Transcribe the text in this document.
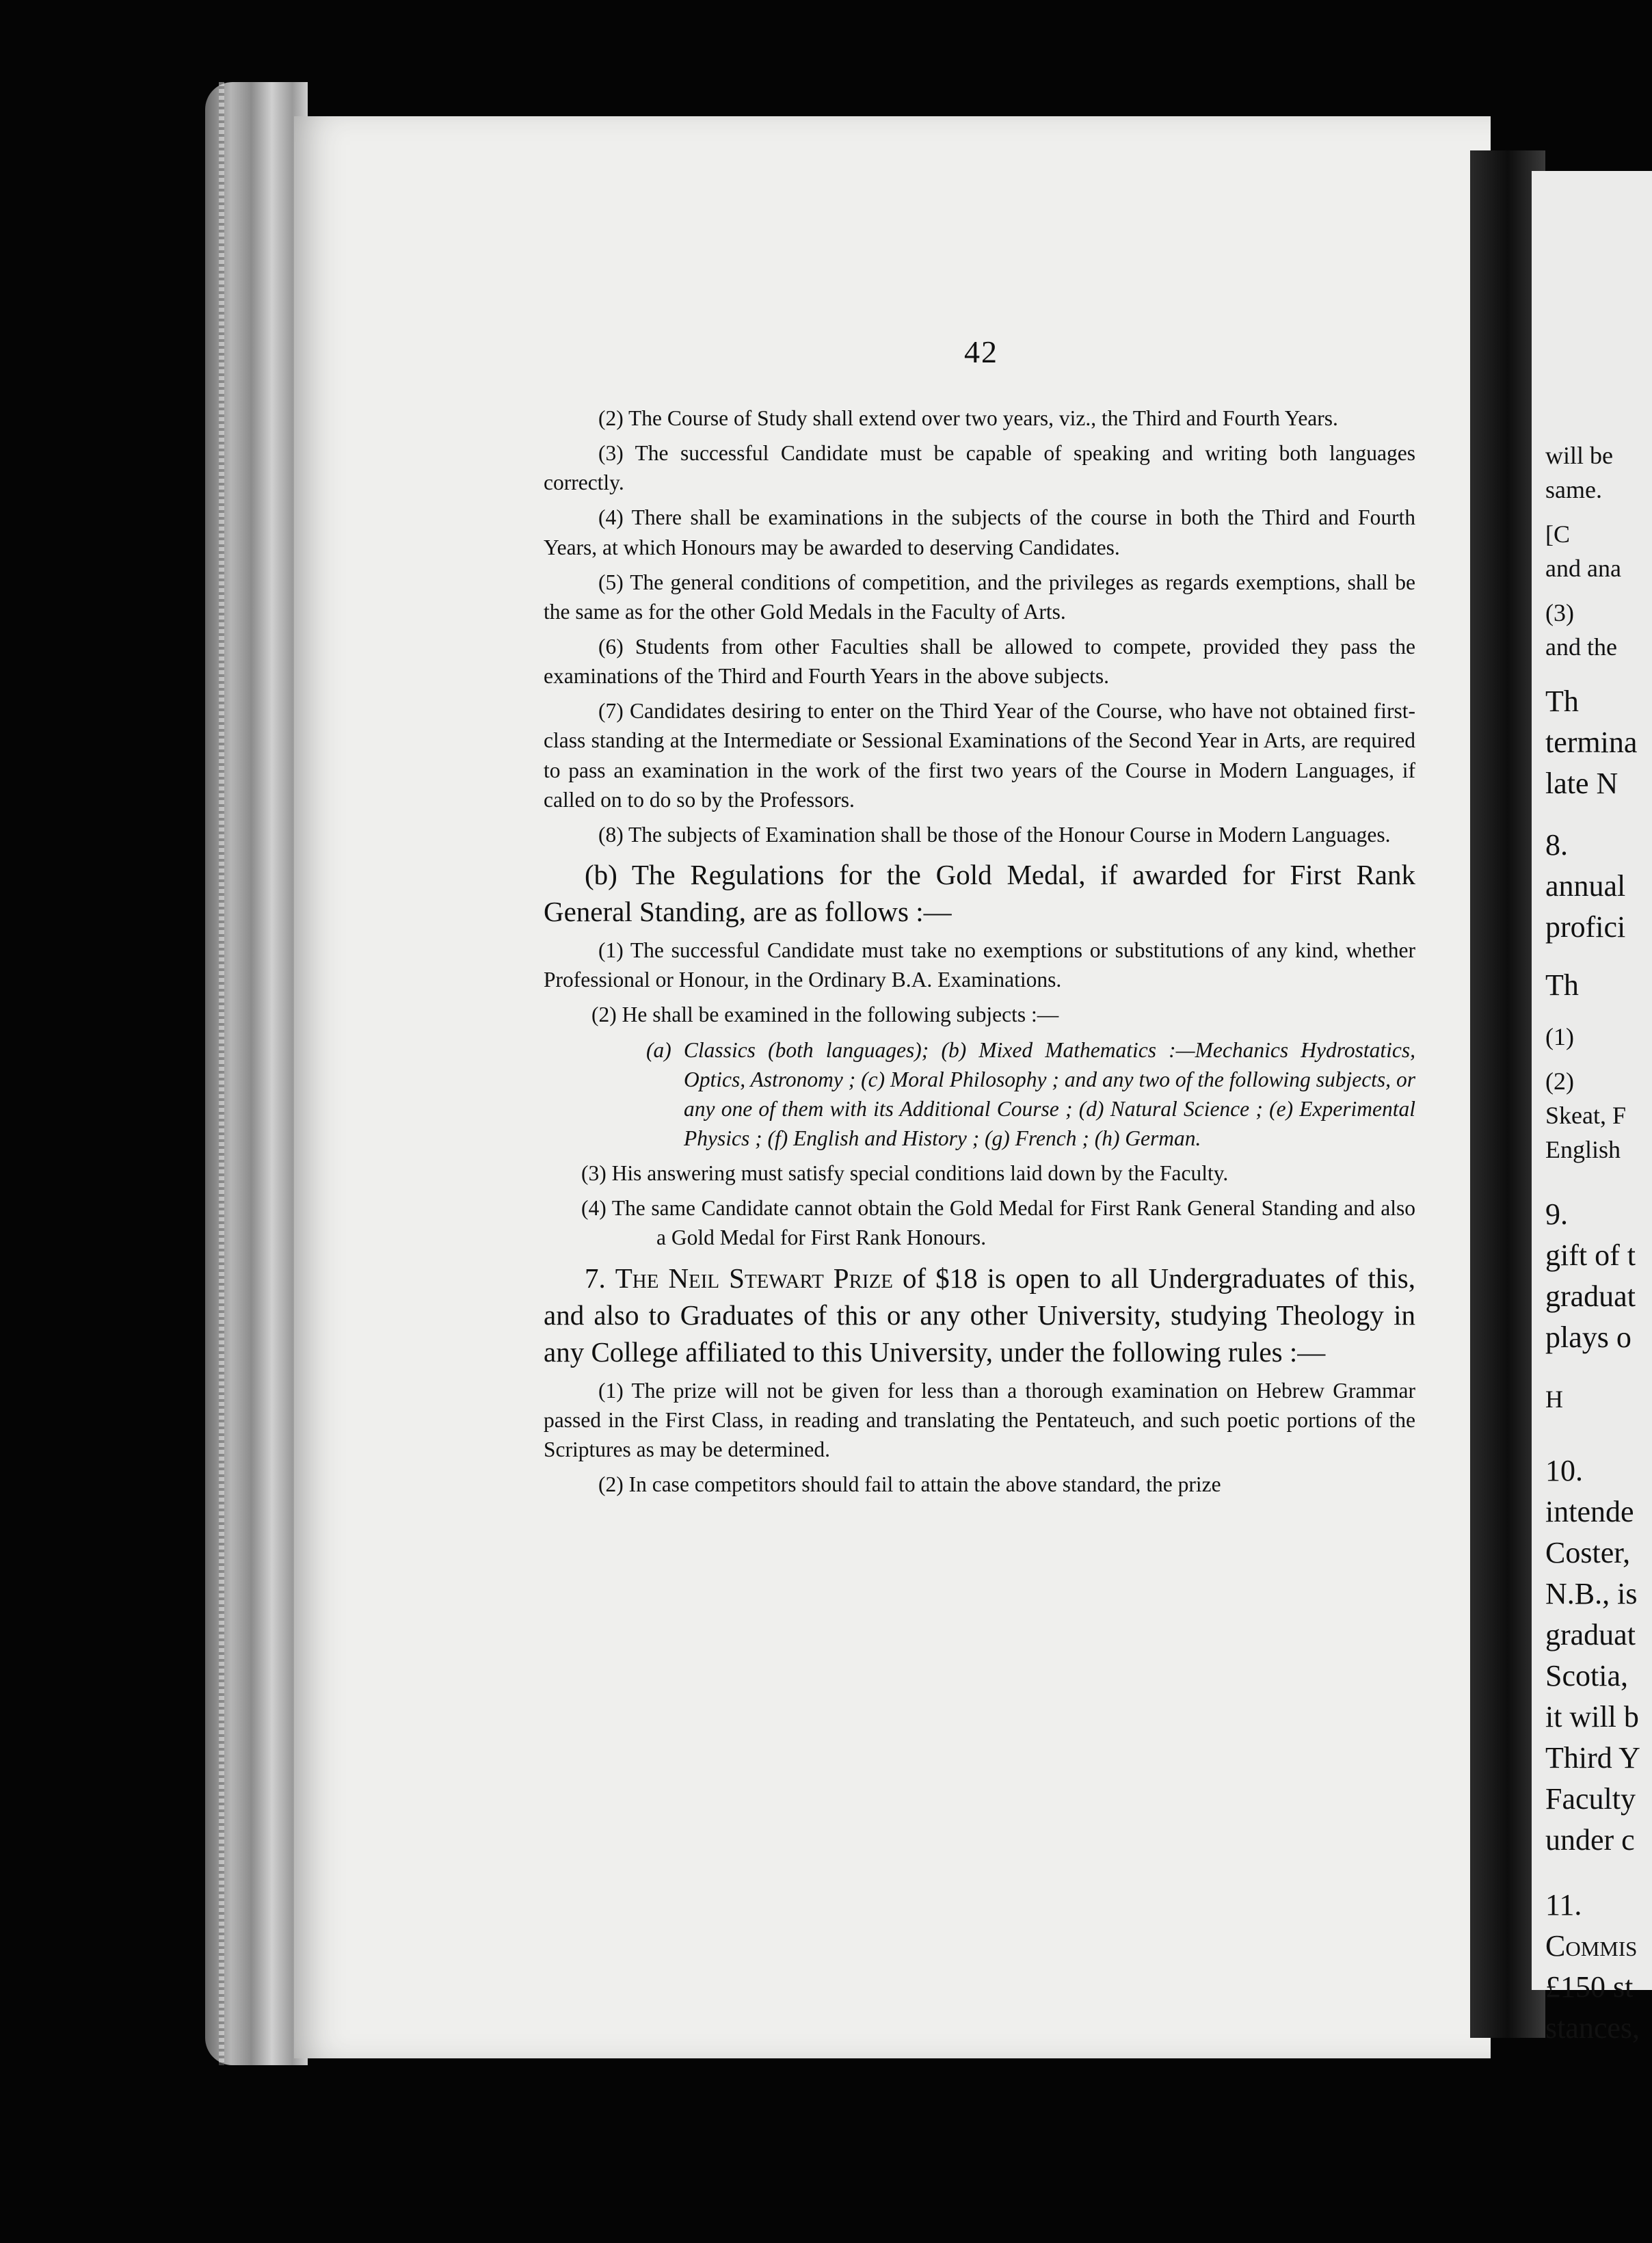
will be
same.
[C
and ana
(3)
and the
Th
termina
late N
8.
annual
profici
Th
(1)
(2)
Skeat, F
English
9.
gift of t
graduat
plays o
H
10.
intende
Coster,
N.B., is
graduat
Scotia,
it will b
Third Y
Faculty
under c
11.
Commis
£150 st
stances,
42

(2) The Course of Study shall extend over two years, viz., the Third and Fourth Years.

(3) The successful Candidate must be capable of speaking and writing both languages correctly.

(4) There shall be examinations in the subjects of the course in both the Third and Fourth Years, at which Honours may be awarded to deserving Candidates.

(5) The general conditions of competition, and the privileges as regards exemptions, shall be the same as for the other Gold Medals in the Faculty of Arts.

(6) Students from other Faculties shall be allowed to compete, provided they pass the examinations of the Third and Fourth Years in the above subjects.

(7) Candidates desiring to enter on the Third Year of the Course, who have not obtained first-class standing at the Intermediate or Sessional Examinations of the Second Year in Arts, are required to pass an examination in the work of the first two years of the Course in Modern Languages, if called on to do so by the Professors.

(8) The subjects of Examination shall be those of the Honour Course in Modern Languages.

(b) The Regulations for the Gold Medal, if awarded for First Rank General Standing, are as follows :—

(1) The successful Candidate must take no exemptions or substitutions of any kind, whether Professional or Honour, in the Ordinary B.A. Examinations.

(2) He shall be examined in the following subjects :—

(a) Classics (both languages); (b) Mixed Mathematics :—Mechanics Hydrostatics, Optics, Astronomy ; (c) Moral Philosophy ; and any two of the following subjects, or any one of them with its Additional Course ; (d) Natural Science ; (e) Experimental Physics ; (f) English and History ; (g) French ; (h) German.

(3) His answering must satisfy special conditions laid down by the Faculty.

(4) The same Candidate cannot obtain the Gold Medal for First Rank General Standing and also a Gold Medal for First Rank Honours.

7. The Neil Stewart Prize of $18 is open to all Undergraduates of this, and also to Graduates of this or any other University, studying Theology in any College affiliated to this University, under the following rules :—

(1) The prize will not be given for less than a thorough examination on Hebrew Grammar passed in the First Class, in reading and translating the Pentateuch, and such poetic portions of the Scriptures as may be determined.

(2) In case competitors should fail to attain the above standard, the prize
